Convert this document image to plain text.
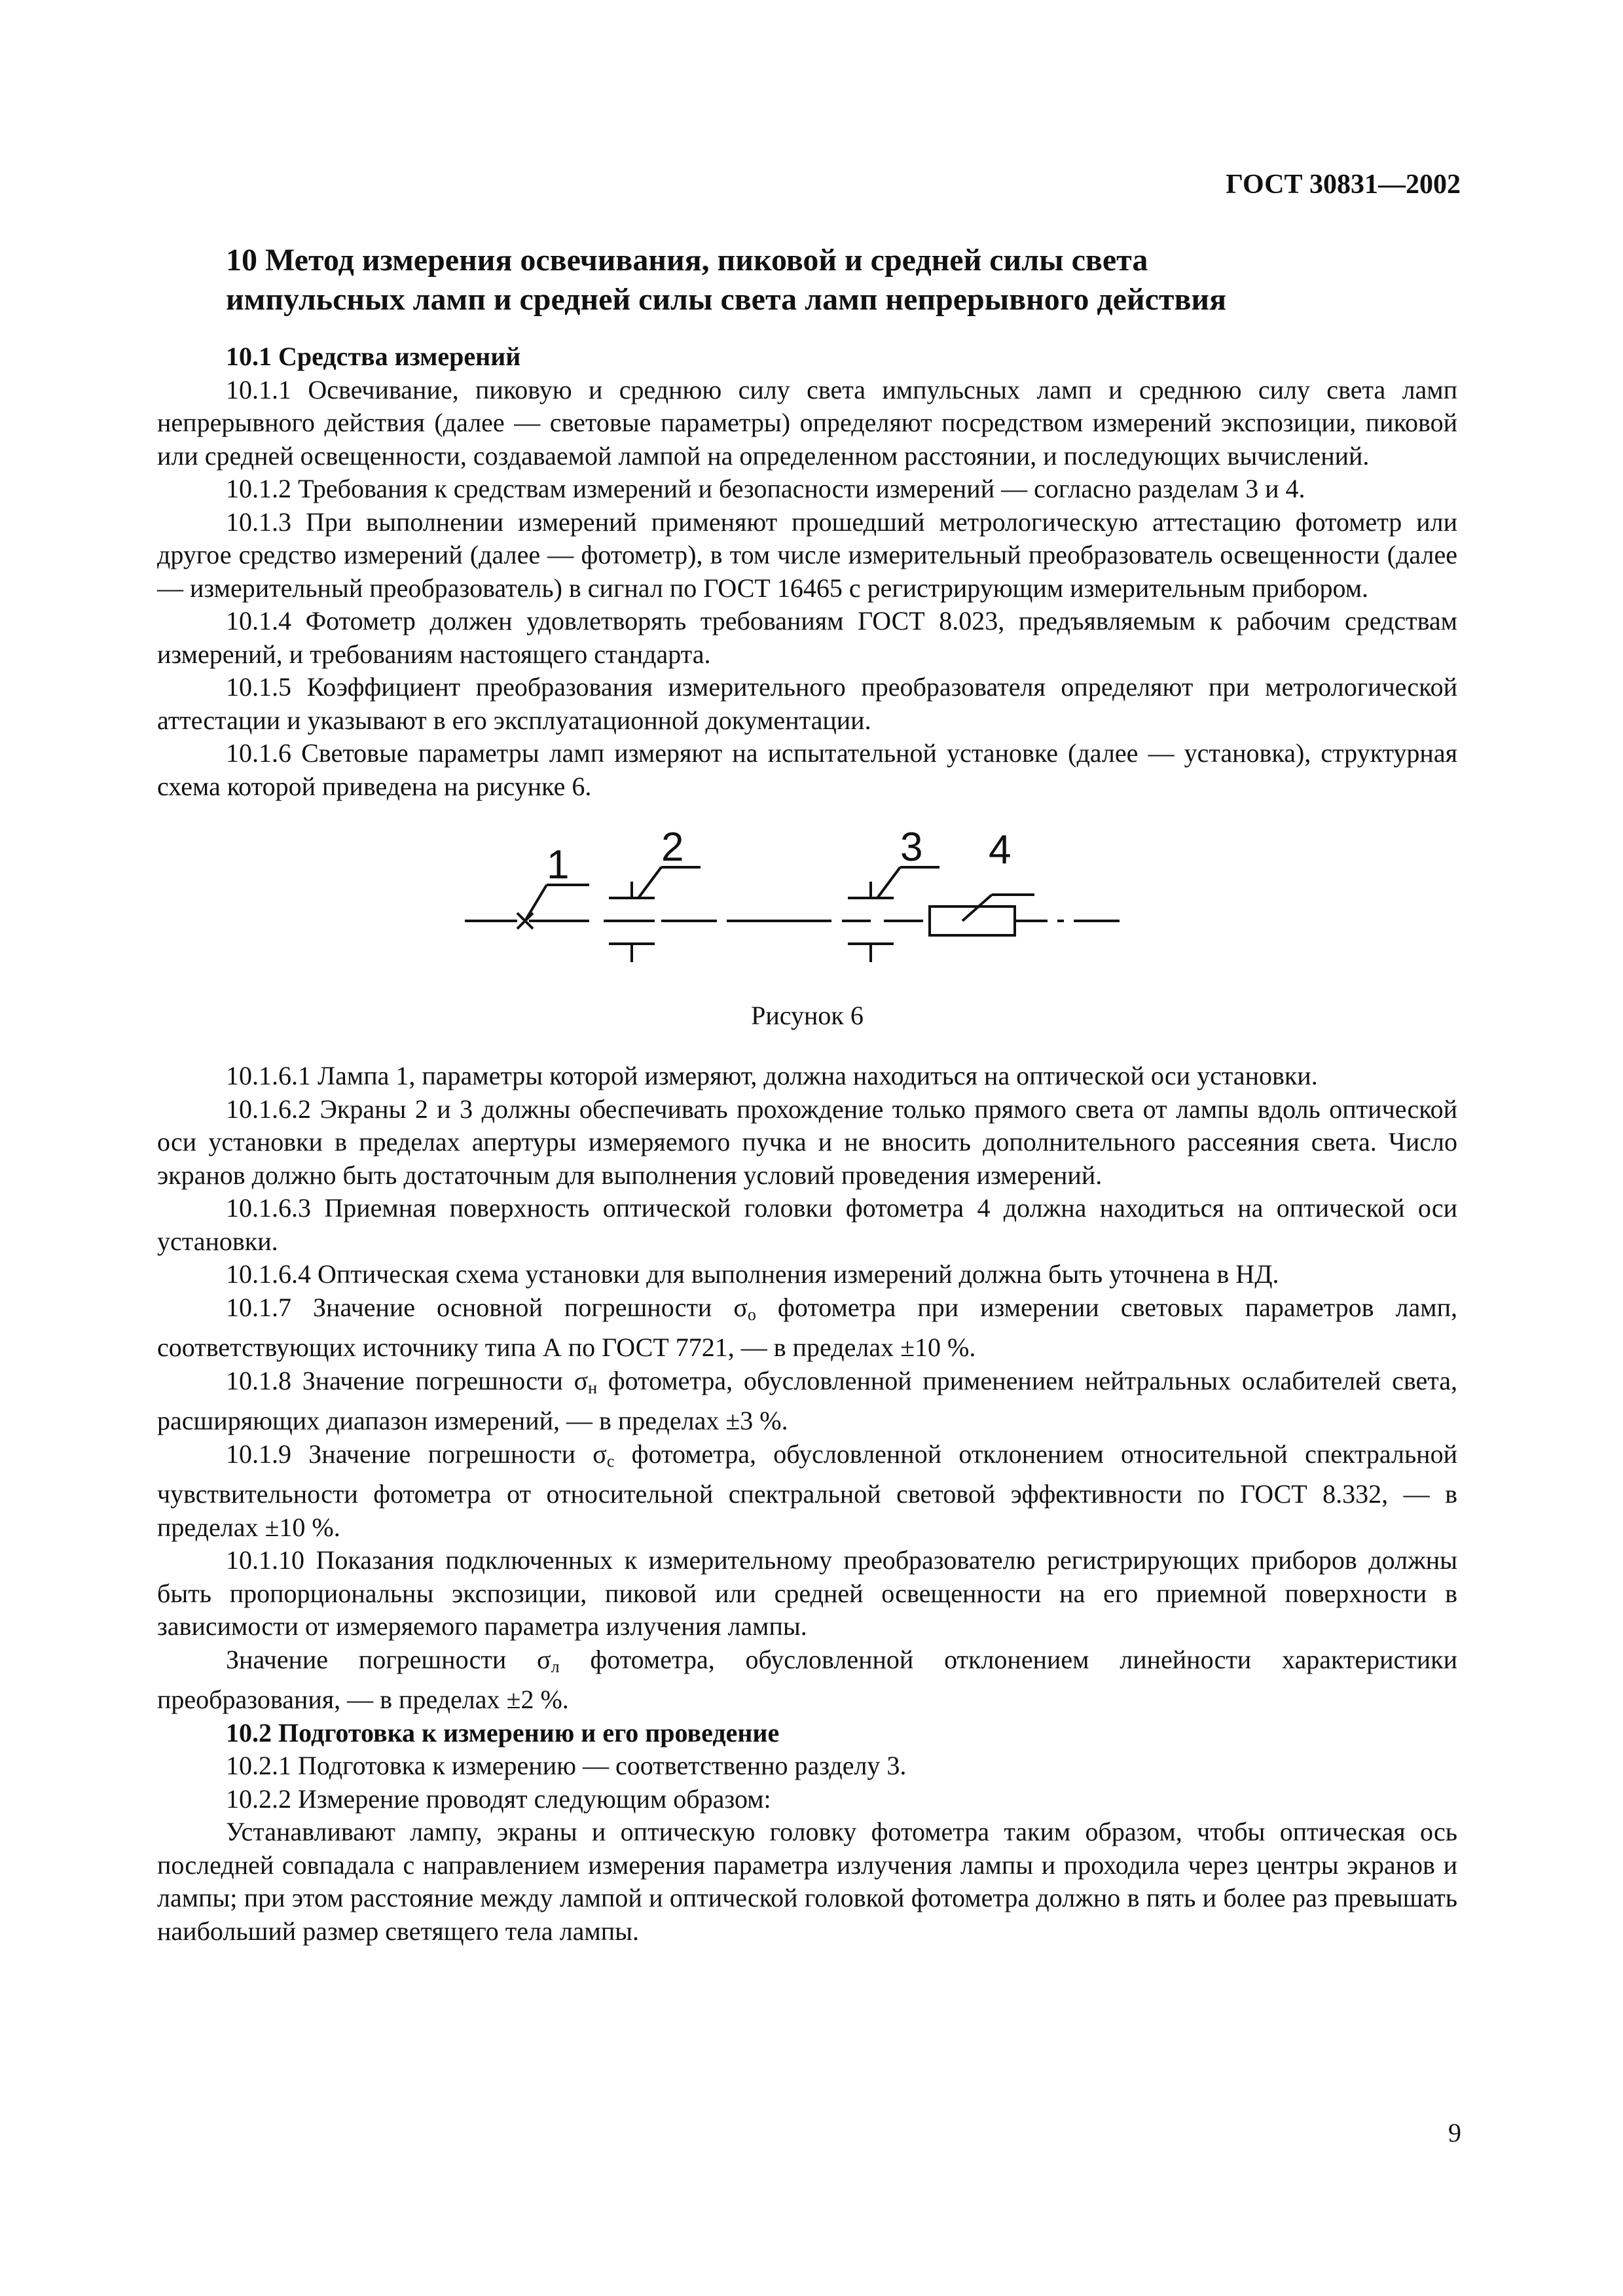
ГОСТ 30831—2002
10 Метод измерения освечивания, пиковой и средней силы света
импульсных ламп и средней силы света ламп непрерывного действия

10.1 Средства измерений

10.1.1 Освечивание, пиковую и среднюю силу света импульсных ламп и среднюю силу света ламп непрерывного действия (далее — световые параметры) определяют посредством измерений экспозиции, пиковой или средней освещенности, создаваемой лампой на определенном расстоянии, и последующих вычислений.

10.1.2 Требования к средствам измерений и безопасности измерений — согласно разделам 3 и 4.

10.1.3 При выполнении измерений применяют прошедший метрологическую аттестацию фотометр или другое средство измерений (далее — фотометр), в том числе измерительный преобразователь освещенности (далее — измерительный преобразователь) в сигнал по ГОСТ 16465 с регистрирующим измерительным прибором.

10.1.4 Фотометр должен удовлетворять требованиям ГОСТ 8.023, предъявляемым к рабочим средствам измерений, и требованиям настоящего стандарта.

10.1.5 Коэффициент преобразования измерительного преобразователя определяют при метрологической аттестации и указывают в его эксплуатационной документации.

10.1.6 Световые параметры ламп измеряют на испытательной установке (далее — установка), структурная схема которой приведена на рисунке 6.

1 2	3 4
Рисунок 6

10.1.6.1 Лампа 1, параметры которой измеряют, должна находиться на оптической оси установки.

10.1.6.2 Экраны 2 и 3 должны обеспечивать прохождение только прямого света от лампы вдоль оптической оси установки в пределах апертуры измеряемого пучка и не вносить дополнительного рассеяния света. Число экранов должно быть достаточным для выполнения условий проведения измерений.

10.1.6.3 Приемная поверхность оптической головки фотометра 4 должна находиться на оптической оси установки.

10.1.6.4 Оптическая схема установки для выполнения измерений должна быть уточнена в НД.

10.1.7 Значение основной погрешности σо фотометра при измерении световых параметров ламп, соответствующих источнику типа А по ГОСТ 7721, — в пределах ±10 %.

10.1.8 Значение погрешности σн фотометра, обусловленной применением нейтральных ослабителей света, расширяющих диапазон измерений, — в пределах ±3 %.

10.1.9 Значение погрешности σс фотометра, обусловленной отклонением относительной спектральной чувствительности фотометра от относительной спектральной световой эффективности по ГОСТ 8.332, — в пределах ±10 %.

10.1.10 Показания подключенных к измерительному преобразователю регистрирующих приборов должны быть пропорциональны экспозиции, пиковой или средней освещенности на его приемной поверхности в зависимости от измеряемого параметра излучения лампы.

Значение погрешности σл фотометра, обусловленной отклонением линейности характеристики преобразования, — в пределах ±2 %.

10.2 Подготовка к измерению и его проведение

10.2.1 Подготовка к измерению — соответственно разделу 3.

10.2.2 Измерение проводят следующим образом:

Устанавливают лампу, экраны и оптическую головку фотометра таким образом, чтобы оптическая ось последней совпадала с направлением измерения параметра излучения лампы и проходила через центры экранов и лампы; при этом расстояние между лампой и оптической головкой фотометра должно в пять и более раз превышать наибольший размер светящего тела лампы.

9
